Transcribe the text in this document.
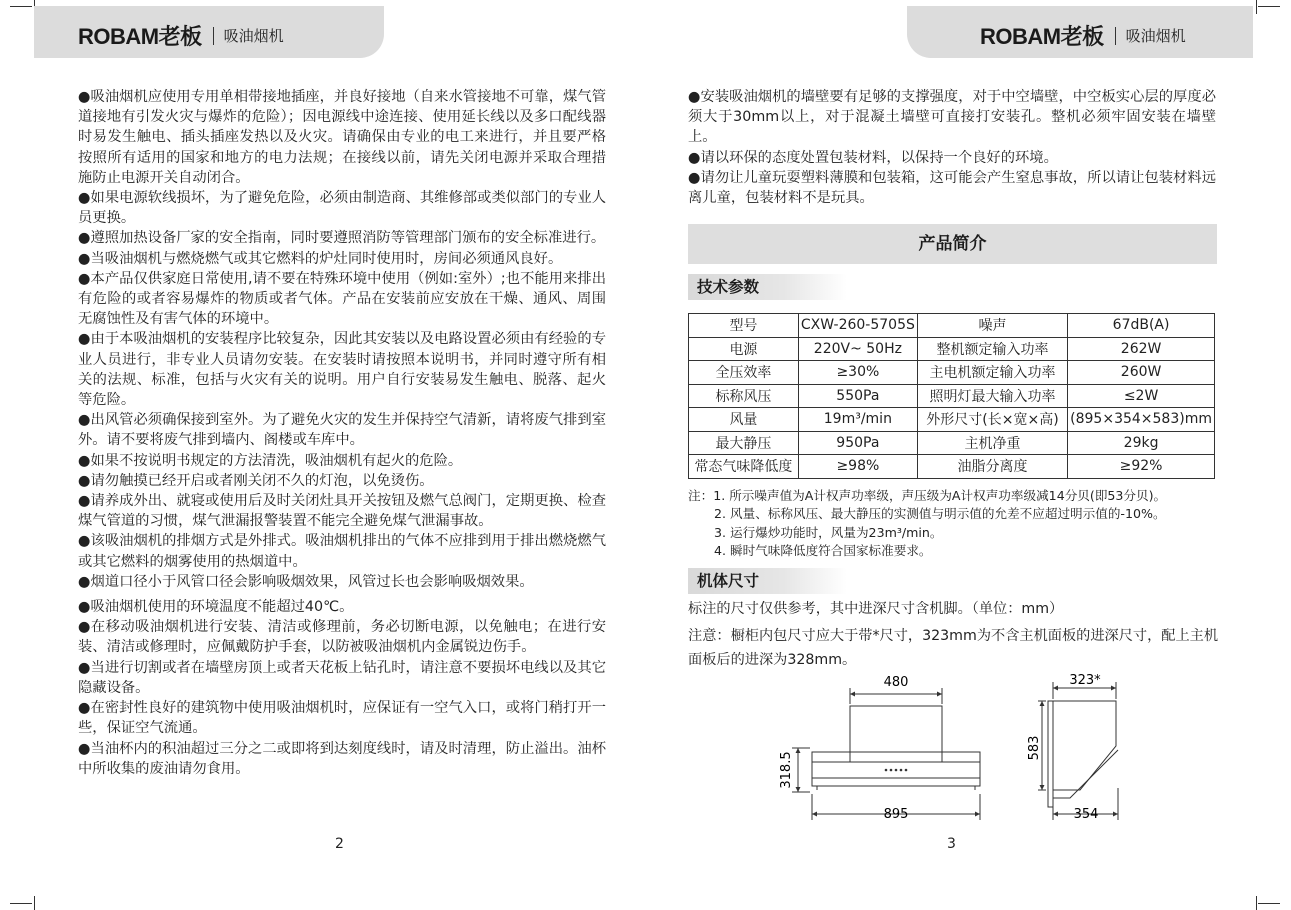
ROBAM老板 吸油烟机	ROBAM老板 吸油烟机

●吸油烟机应使用专用单相带接地插座，并良好接地（自来水管接地不可靠，煤气管道接地有引发火灾与爆炸的危险）；因电源线中途连接、使用延长线以及多口配线器时易发生触电、插头插座发热以及火灾。请确保由专业的电工来进行，并且要严格按照所有适用的国家和地方的电力法规；在接线以前，请先关闭电源并采取合理措施防止电源开关自动闭合。

●如果电源软线损坏，为了避免危险，必须由制造商、其维修部或类似部门的专业人员更换。

●遵照加热设备厂家的安全指南，同时要遵照消防等管理部门颁布的安全标准进行。

●当吸油烟机与燃烧燃气或其它燃料的炉灶同时使用时，房间必须通风良好。

●本产品仅供家庭日常使用,请不要在特殊环境中使用（例如:室外）;也不能用来排出有危险的或者容易爆炸的物质或者气体。产品在安装前应安放在干燥、通风、周围无腐蚀性及有害气体的环境中。

●由于本吸油烟机的安装程序比较复杂，因此其安装以及电路设置必须由有经验的专业人员进行，非专业人员请勿安装。在安装时请按照本说明书，并同时遵守所有相关的法规、标准，包括与火灾有关的说明。用户自行安装易发生触电、脱落、起火等危险。

●出风管必须确保接到室外。为了避免火灾的发生并保持空气清新，请将废气排到室外。请不要将废气排到墙内、阁楼或车库中。

●如果不按说明书规定的方法清洗，吸油烟机有起火的危险。

●请勿触摸已经开启或者刚关闭不久的灯泡，以免烫伤。

●请养成外出、就寝或使用后及时关闭灶具开关按钮及燃气总阀门，定期更换、检查煤气管道的习惯，煤气泄漏报警装置不能完全避免煤气泄漏事故。

●该吸油烟机的排烟方式是外排式。吸油烟机排出的气体不应排到用于排出燃烧燃气或其它燃料的烟雾使用的热烟道中。

●烟道口径小于风管口径会影响吸烟效果，风管过长也会影响吸烟效果。

●吸油烟机使用的环境温度不能超过40℃。

●在移动吸油烟机进行安装、清洁或修理前，务必切断电源，以免触电；在进行安装、清洁或修理时，应佩戴防护手套，以防被吸油烟机内金属锐边伤手。

●当进行切割或者在墙壁房顶上或者天花板上钻孔时，请注意不要损坏电线以及其它隐藏设备。

●在密封性良好的建筑物中使用吸油烟机时，应保证有一空气入口，或将门稍打开一些，保证空气流通。

●当油杯内的积油超过三分之二或即将到达刻度线时，请及时清理，防止溢出。油杯中所收集的废油请勿食用。

2

●安装吸油烟机的墙壁要有足够的支撑强度，对于中空墙壁，中空板实心层的厚度必须大于30mm以上，对于混凝土墙壁可直接打安装孔。整机必须牢固安装在墙壁上。

●请以环保的态度处置包装材料，以保持一个良好的环境。

●请勿让儿童玩耍塑料薄膜和包装箱，这可能会产生窒息事故，所以请让包装材料远离儿童，包装材料不是玩具。

产品简介
技术参数
型号	CXW-260-5705S	噪声	67dB(A)
电源	220V~ 50Hz	整机额定输入功率	262W
全压效率	≥30%	主电机额定输入功率	260W
标称风压	550Pa	照明灯最大输入功率	≤2W
风量	19m³/min	外形尺寸(长×宽×高)	(895×354×583)mm
最大静压	950Pa	主机净重	29kg
常态气味降低度	≥98%	油脂分离度	≥92%
注：1. 所示噪声值为A计权声功率级，声压级为A计权声功率级减14分贝(即53分贝)。
2. 风量、标称风压、最大静压的实测值与明示值的允差不应超过明示值的-10%。
3. 运行爆炒功能时，风量为23m³/min。
4. 瞬时气味降低度符合国家标准要求。
机体尺寸
标注的尺寸仅供参考，其中进深尺寸含机脚。（单位：mm）
注意：橱柜内包尺寸应大于带*尺寸，323mm为不含主机面板的进深尺寸，配上主机面板后的进深为328mm。
480
318.5
895
323*
583
354
3
